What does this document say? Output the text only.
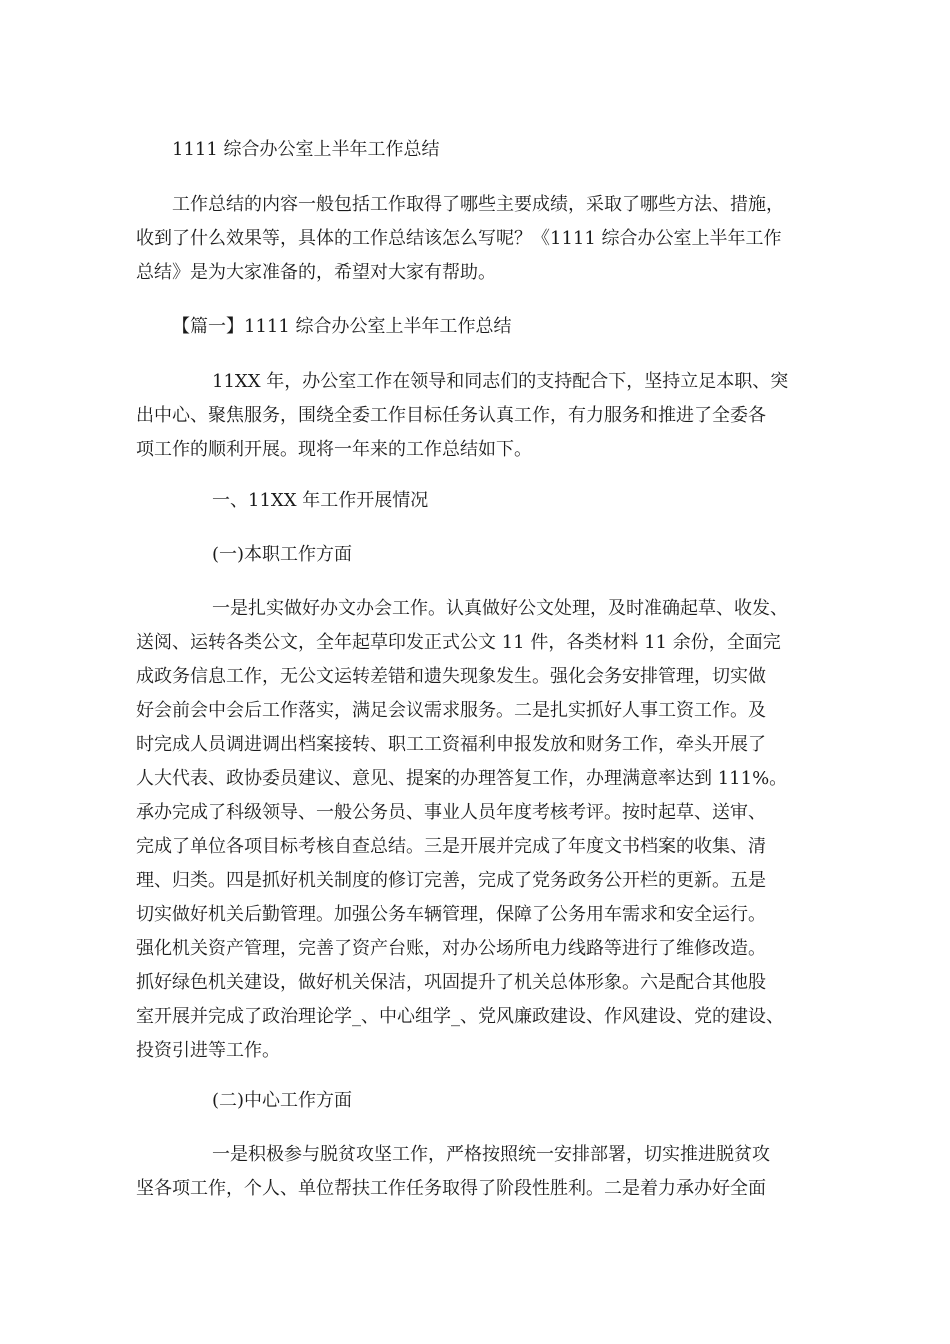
1111 综合办公室上半年工作总结
工作总结的内容一般包括工作取得了哪些主要成绩，采取了哪些方法、措施，
收到了什么效果等，具体的工作总结该怎么写呢？《1111 综合办公室上半年工作
总结》是为大家准备的，希望对大家有帮助。
【篇一】1111 综合办公室上半年工作总结
11XX 年，办公室工作在领导和同志们的支持配合下，坚持立足本职、突
出中心、聚焦服务，围绕全委工作目标任务认真工作，有力服务和推进了全委各
项工作的顺利开展。现将一年来的工作总结如下。
一、11XX 年工作开展情况
(一)本职工作方面
一是扎实做好办文办会工作。认真做好公文处理，及时准确起草、收发、
送阅、运转各类公文，全年起草印发正式公文 11 件，各类材料 11 余份，全面完
成政务信息工作，无公文运转差错和遗失现象发生。强化会务安排管理，切实做
好会前会中会后工作落实，满足会议需求服务。二是扎实抓好人事工资工作。及
时完成人员调进调出档案接转、职工工资福利申报发放和财务工作，牵头开展了
人大代表、政协委员建议、意见、提案的办理答复工作，办理满意率达到 111%。
承办完成了科级领导、一般公务员、事业人员年度考核考评。按时起草、送审、
完成了单位各项目标考核自查总结。三是开展并完成了年度文书档案的收集、清
理、归类。四是抓好机关制度的修订完善，完成了党务政务公开栏的更新。五是
切实做好机关后勤管理。加强公务车辆管理，保障了公务用车需求和安全运行。
强化机关资产管理，完善了资产台账，对办公场所电力线路等进行了维修改造。
抓好绿色机关建设，做好机关保洁，巩固提升了机关总体形象。六是配合其他股
室开展并完成了政治理论学_、中心组学_、党风廉政建设、作风建设、党的建设、
投资引进等工作。
(二)中心工作方面
一是积极参与脱贫攻坚工作，严格按照统一安排部署，切实推进脱贫攻
坚各项工作，个人、单位帮扶工作任务取得了阶段性胜利。二是着力承办好全面
